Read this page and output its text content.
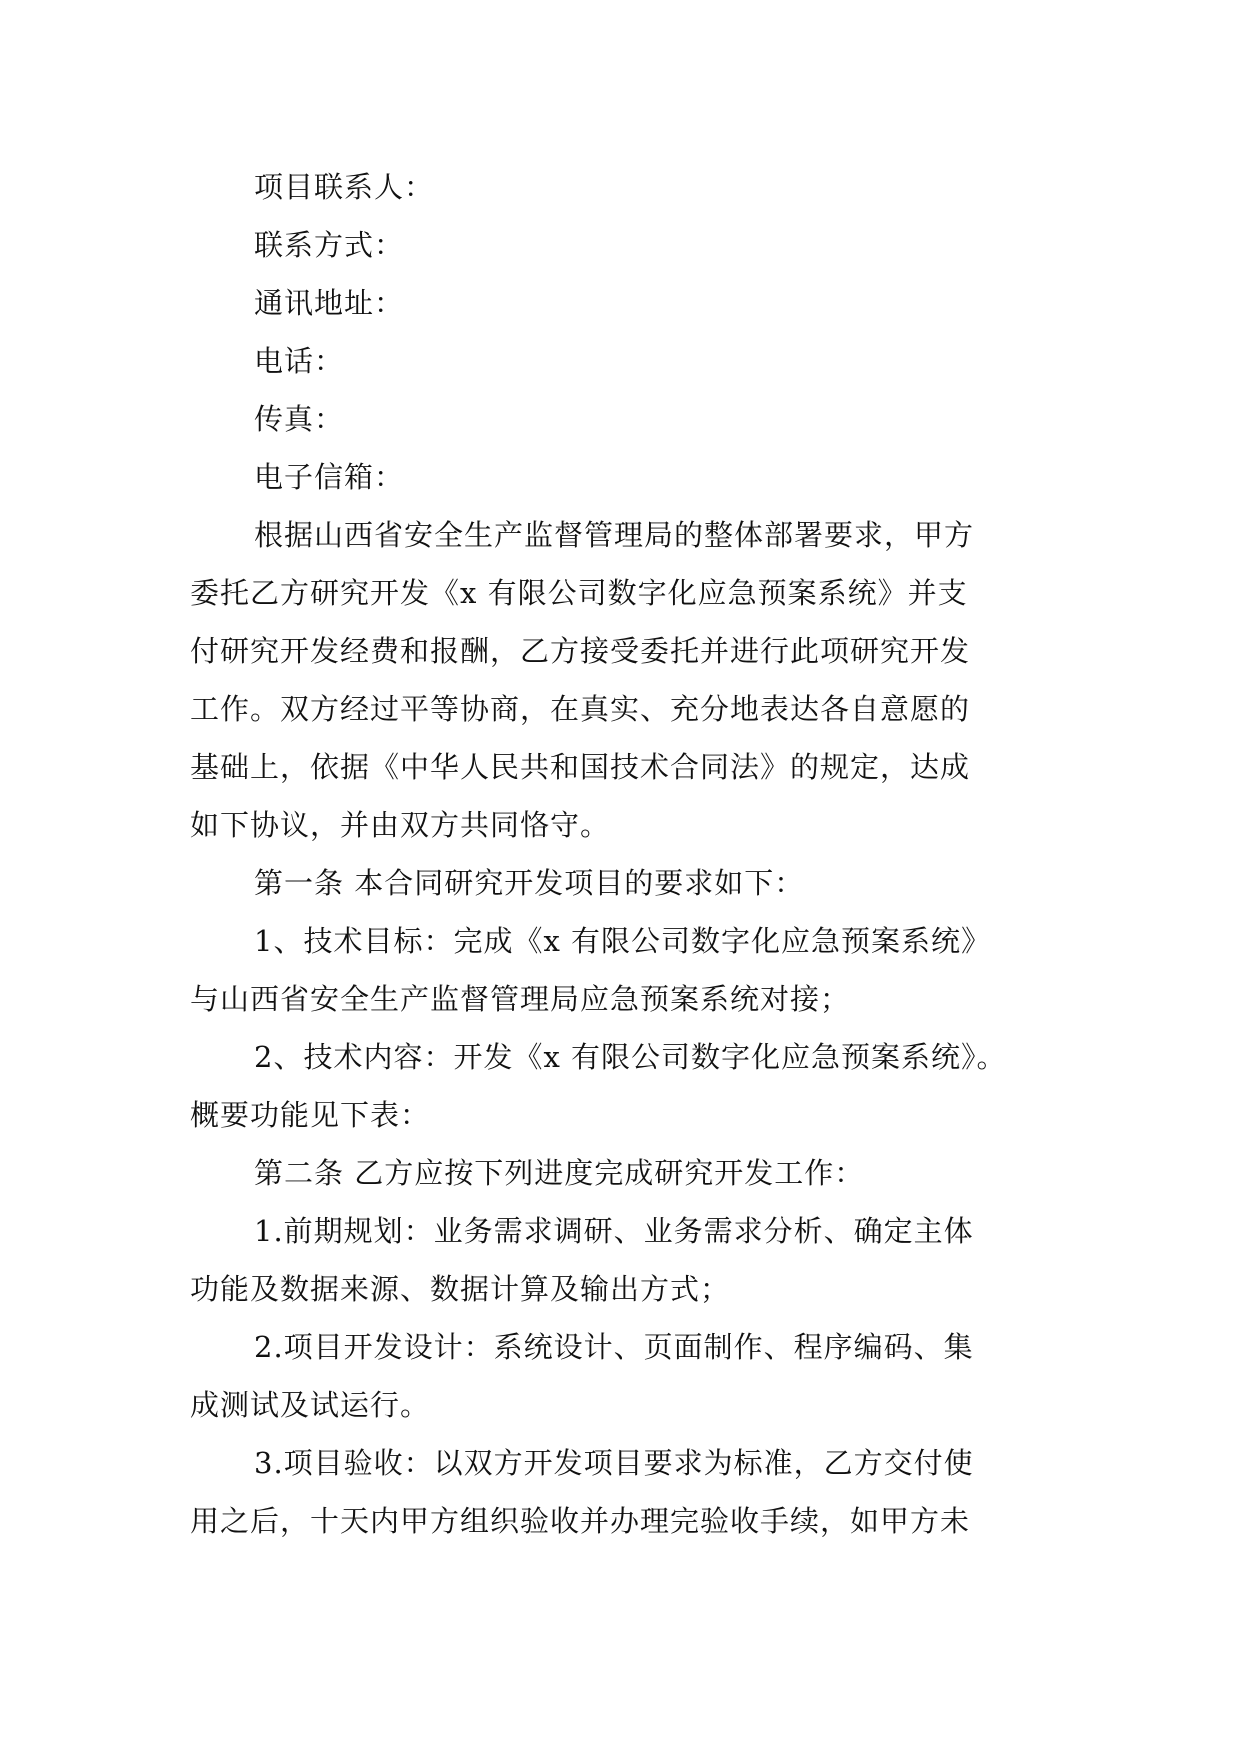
项目联系人：
联系方式：
通讯地址：
电话：
传真：
电子信箱：
根据山西省安全生产监督管理局的整体部署要求，甲方
委托乙方研究开发《x 有限公司数字化应急预案系统》并支
付研究开发经费和报酬，乙方接受委托并进行此项研究开发
工作。双方经过平等协商，在真实、充分地表达各自意愿的
基础上，依据《中华人民共和国技术合同法》的规定，达成
如下协议，并由双方共同恪守。
第一条 本合同研究开发项目的要求如下：
1、技术目标：完成《x 有限公司数字化应急预案系统》
与山西省安全生产监督管理局应急预案系统对接；
2、技术内容：开发《x 有限公司数字化应急预案系统》。
概要功能见下表：
第二条 乙方应按下列进度完成研究开发工作：
1.前期规划：业务需求调研、业务需求分析、确定主体
功能及数据来源、数据计算及输出方式；
2.项目开发设计：系统设计、页面制作、程序编码、集
成测试及试运行。
3.项目验收：以双方开发项目要求为标准，乙方交付使
用之后，十天内甲方组织验收并办理完验收手续，如甲方未
